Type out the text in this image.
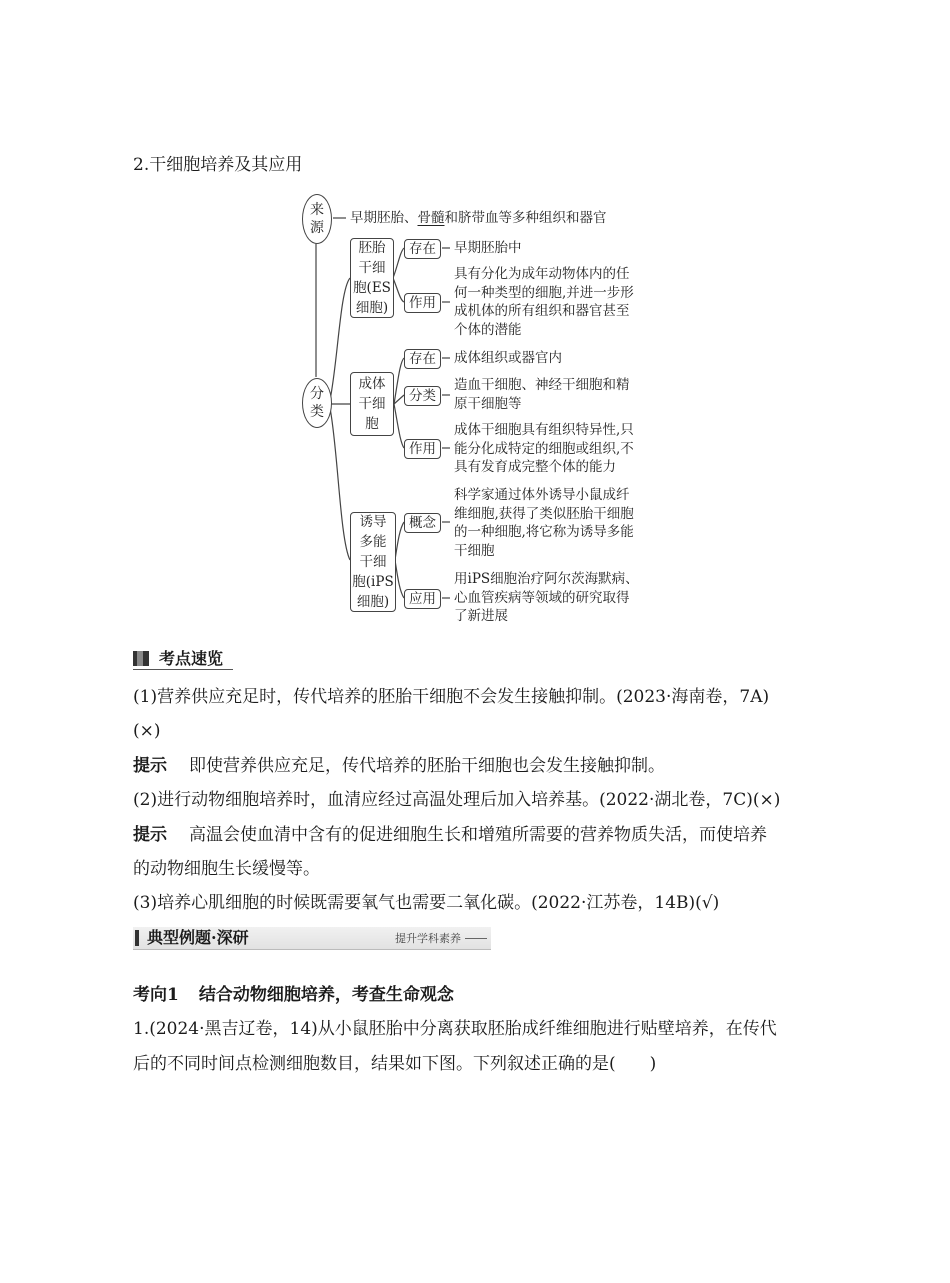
2.干细胞培养及其应用
来源
早期胚胎、骨髓和脐带血等多种组织和器官
分类
胚胎
干细
胞(ES
细胞)
存在	早期胚胎中
作用
具有分化为成年动物体内的任
何一种类型的细胞,并进一步形
成机体的所有组织和器官甚至
个体的潜能
成体
干细
胞
存在	成体组织或器官内
分类
造血干细胞、神经干细胞和精
原干细胞等
作用
成体干细胞具有组织特异性,只
能分化成特定的细胞或组织,不
具有发育成完整个体的能力
诱导
多能
干细
胞(iPS
细胞)
概念
科学家通过体外诱导小鼠成纤
维细胞,获得了类似胚胎干细胞
的一种细胞,将它称为诱导多能
干细胞
应用
用iPS细胞治疗阿尔茨海默病、
心血管疾病等领域的研究取得
了新进展
考点速览
(1)营养供应充足时，传代培养的胚胎干细胞不会发生接触抑制。(2023·海南卷，7A)
(×)
提示 即使营养供应充足，传代培养的胚胎干细胞也会发生接触抑制。
(2)进行动物细胞培养时，血清应经过高温处理后加入培养基。(2022·湖北卷，7C)(×)
提示 高温会使血清中含有的促进细胞生长和增殖所需要的营养物质失活，而使培养
的动物细胞生长缓慢等。
(3)培养心肌细胞的时候既需要氧气也需要二氧化碳。(2022·江苏卷，14B)(√)
典型例题·深研	提升学科素养
考向1 结合动物细胞培养，考查生命观念
1.(2024·黑吉辽卷，14)从小鼠胚胎中分离获取胚胎成纤维细胞进行贴壁培养，在传代
后的不同时间点检测细胞数目，结果如下图。下列叙述正确的是(　　)
